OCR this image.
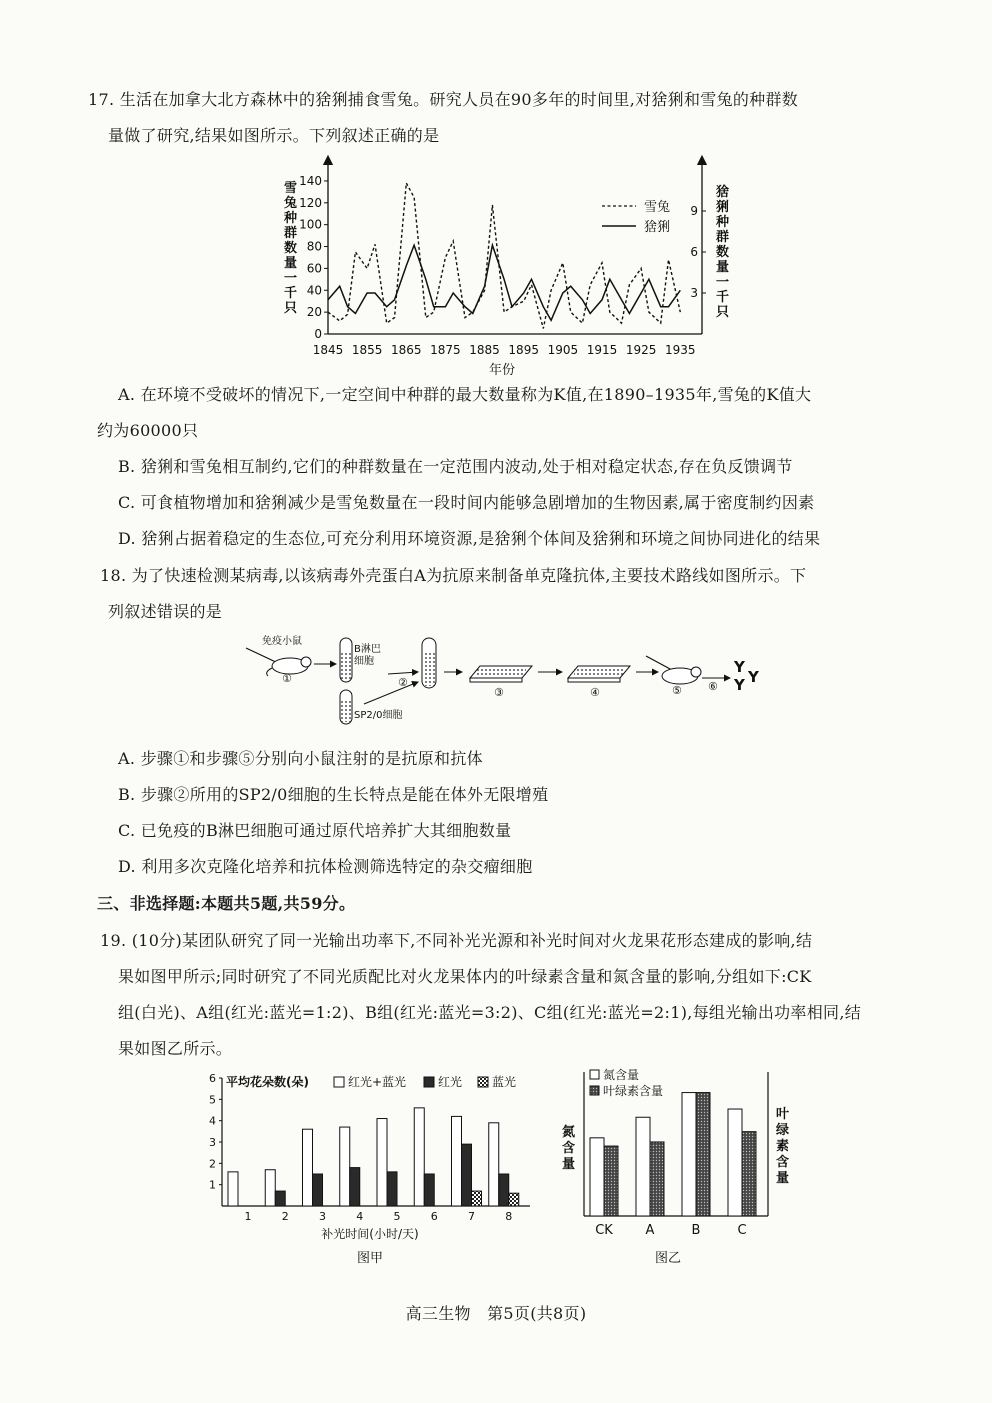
17. 生活在加拿大北方森林中的猞猁捕食雪兔。研究人员在90多年的时间里,对猞猁和雪兔的种群数
量做了研究,结果如图所示。下列叙述正确的是
0
20
40
60
80
100
120
140
3
6
9
1845 1855 1865 1875 1885 1895 1905 1915 1925 1935
雪兔种群数量一千只
猞猁种群数量一千只
年份
雪兔
猞猁
A. 在环境不受破坏的情况下,一定空间中种群的最大数量称为K值,在1890–1935年,雪兔的K值大
约为60000只
B. 猞猁和雪兔相互制约,它们的种群数量在一定范围内波动,处于相对稳定状态,存在负反馈调节
C. 可食植物增加和猞猁减少是雪兔数量在一段时间内能够急剧增加的生物因素,属于密度制约因素
D. 猞猁占据着稳定的生态位,可充分利用环境资源,是猞猁个体间及猞猁和环境之间协同进化的结果
18. 为了快速检测某病毒,以该病毒外壳蛋白A为抗原来制备单克隆抗体,主要技术路线如图所示。下
列叙述错误的是
免疫小鼠
①
B淋巴
细胞
SP2/0细胞
②
③	④	⑤ ⑥
Y
Y Y
A. 步骤①和步骤⑤分别向小鼠注射的是抗原和抗体
B. 步骤②所用的SP2/0细胞的生长特点是能在体外无限增殖
C. 已免疫的B淋巴细胞可通过原代培养扩大其细胞数量
D. 利用多次克隆化培养和抗体检测筛选特定的杂交瘤细胞
三、非选择题:本题共5题,共59分。
19. (10分)某团队研究了同一光输出功率下,不同补光光源和补光时间对火龙果花形态建成的影响,结
果如图甲所示;同时研究了不同光质配比对火龙果体内的叶绿素含量和氮含量的影响,分组如下:CK
组(白光)、A组(红光:蓝光=1:2)、B组(红光:蓝光=3:2)、C组(红光:蓝光=2:1),每组光输出功率相同,结
果如图乙所示。
1
2
3
4
5
6
1	2	3	4	5	6	7	8
平均花朵数(朵)	红光+蓝光	红光 蓝光
补光时间(小时/天)
图甲
CK	A	B	C
氮含量
叶绿素含量
氮含量
叶绿素含量
图乙
高三生物　第5页(共8页)
